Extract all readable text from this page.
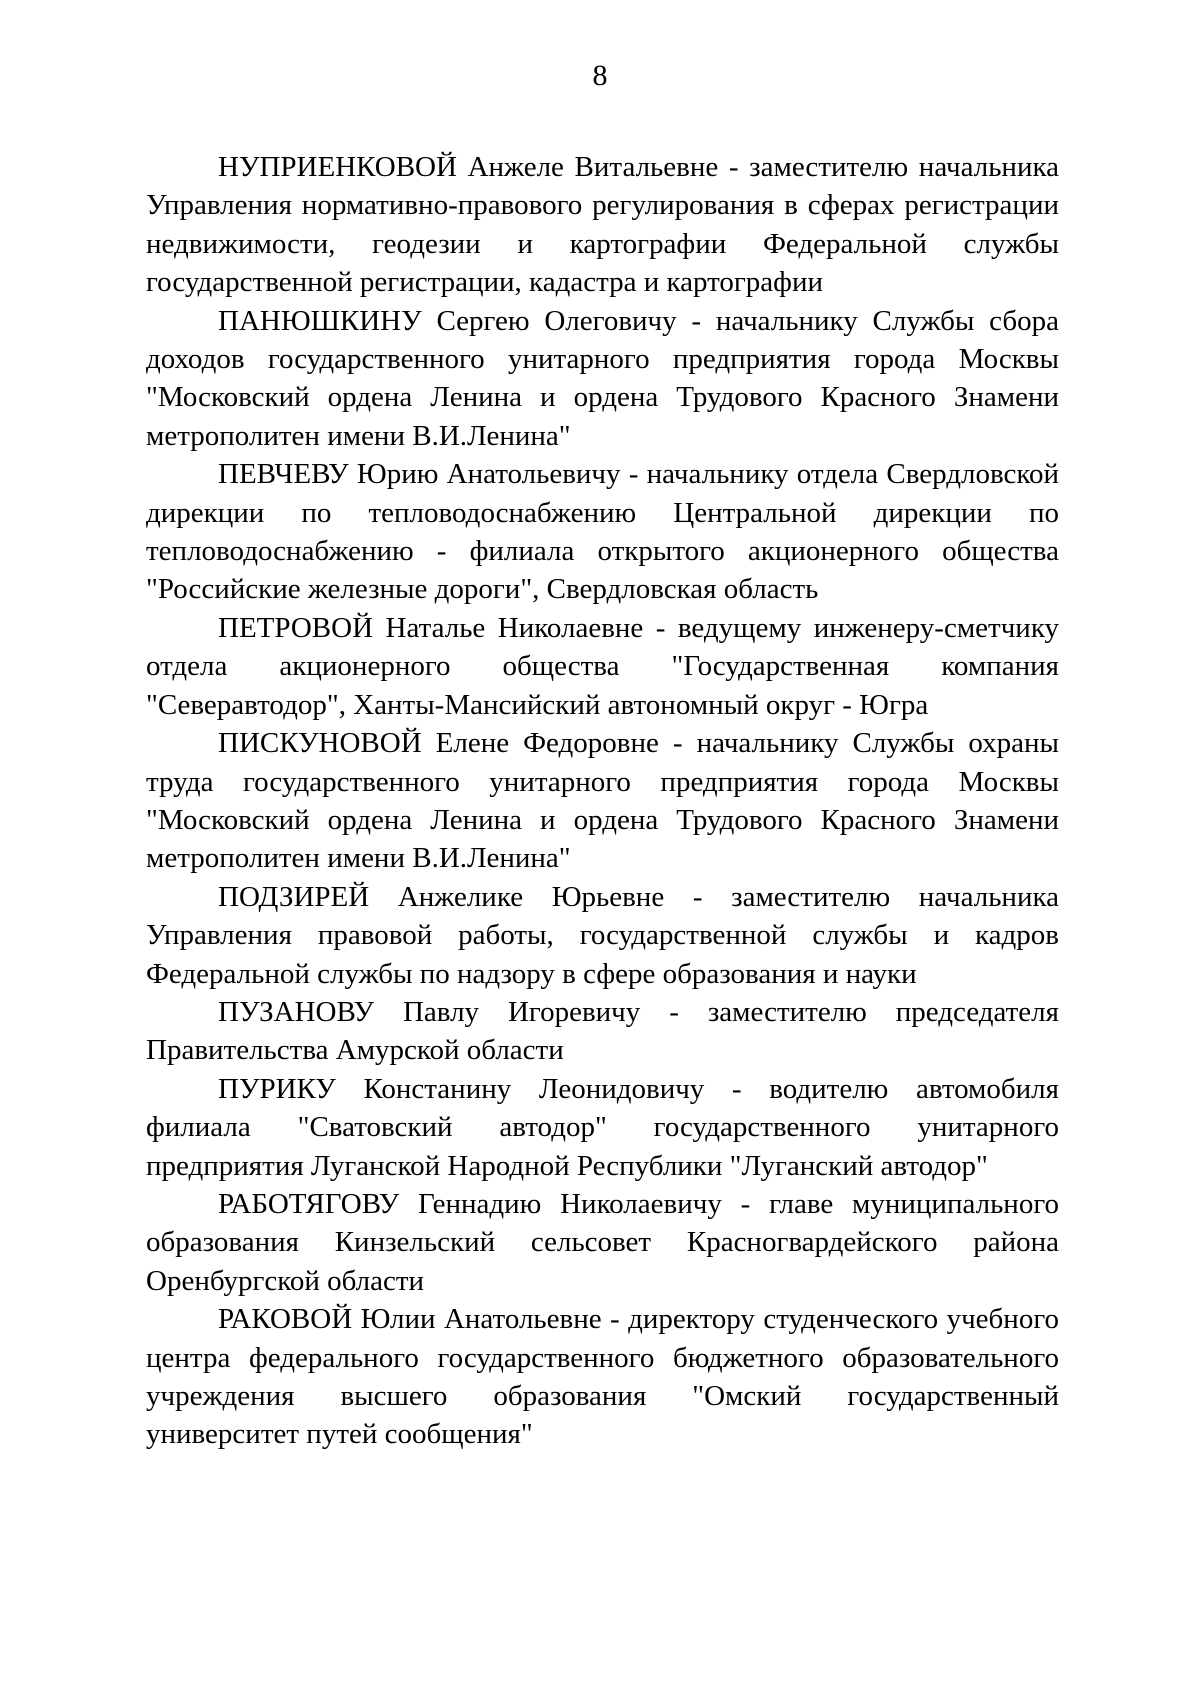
8

НУПРИЕНКОВОЙ Анжеле Витальевне - заместителю начальника Управления нормативно-правового регулирования в сферах регистрации недвижимости, геодезии и картографии Федеральной службы государственной регистрации, кадастра и картографии

ПАНЮШКИНУ Сергею Олеговичу - начальнику Службы сбора доходов государственного унитарного предприятия города Москвы "Московский ордена Ленина и ордена Трудового Красного Знамени метрополитен имени В.И.Ленина"

ПЕВЧЕВУ Юрию Анатольевичу - начальнику отдела Свердловской дирекции по тепловодоснабжению Центральной дирекции по тепловодоснабжению - филиала открытого акционерного общества "Российские железные дороги", Свердловская область

ПЕТРОВОЙ Наталье Николаевне - ведущему инженеру-сметчику отдела акционерного общества "Государственная компания "Северавтодор", Ханты-Мансийский автономный округ - Югра

ПИСКУНОВОЙ Елене Федоровне - начальнику Службы охраны труда государственного унитарного предприятия города Москвы "Московский ордена Ленина и ордена Трудового Красного Знамени метрополитен имени В.И.Ленина"

ПОДЗИРЕЙ Анжелике Юрьевне - заместителю начальника Управления правовой работы, государственной службы и кадров Федеральной службы по надзору в сфере образования и науки

ПУЗАНОВУ Павлу Игоревичу - заместителю председателя Правительства Амурской области

ПУРИКУ Констанину Леонидовичу - водителю автомобиля филиала "Сватовский автодор" государственного унитарного предприятия Луганской Народной Республики "Луганский автодор"

РАБОТЯГОВУ Геннадию Николаевичу - главе муниципального образования Кинзельский сельсовет Красногвардейского района Оренбургской области

РАКОВОЙ Юлии Анатольевне - директору студенческого учебного центра федерального государственного бюджетного образовательного учреждения высшего образования "Омский государственный университет путей сообщения"
